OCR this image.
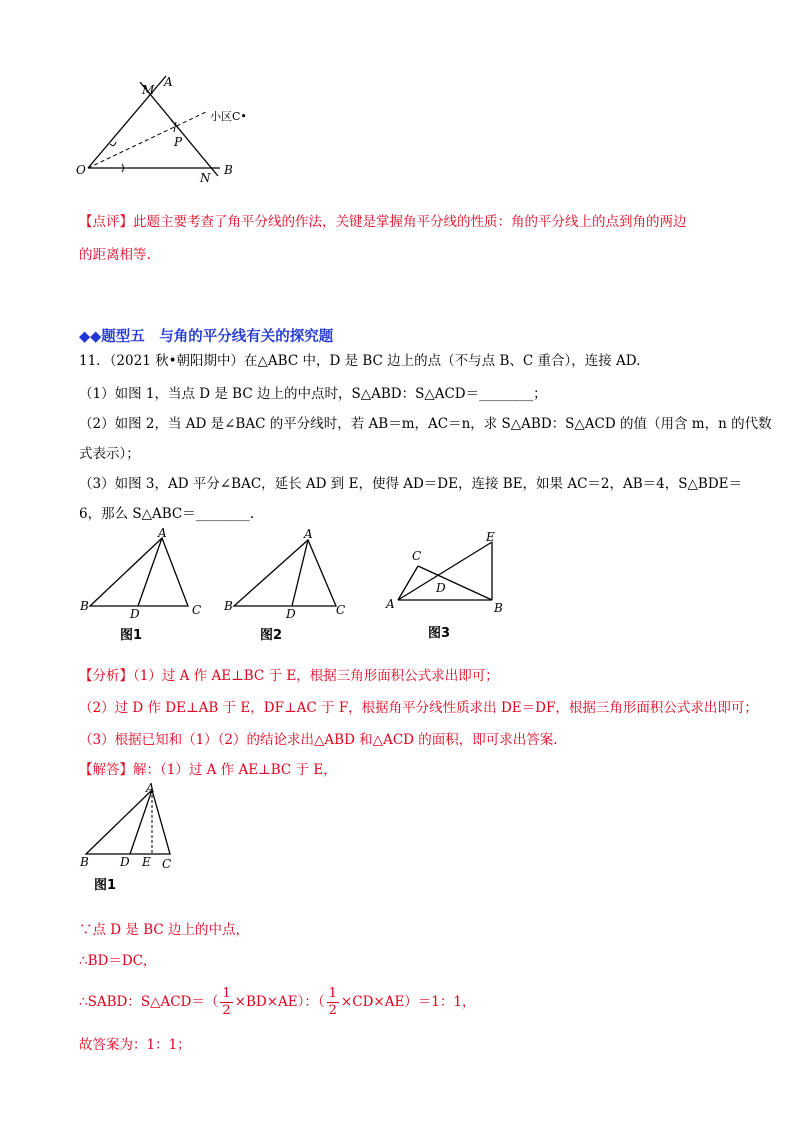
M
A
小区C•
P
O
N
B
【点评】此题主要考查了角平分线的作法，关键是掌握角平分线的性质：角的平分线上的点到角的两边
的距离相等.
◆◆题型五　与角的平分线有关的探究题
11．（2021 秋•朝阳期中）在△ABC 中，D 是 BC 边上的点（不与点 B、C 重合），连接 AD.
（1）如图 1，当点 D 是 BC 边上的中点时，S△ABD：S△ACD＝________；
（2）如图 2，当 AD 是∠BAC 的平分线时，若 AB＝m，AC＝n，求 S△ABD：S△ACD 的值（用含 m，n 的代数
式表示）；
（3）如图 3，AD 平分∠BAC，延长 AD 到 E，使得 AD＝DE，连接 BE，如果 AC＝2，AB＝4，S△BDE＝
6，那么 S△ABC＝________.
A
B
D	C
图1
A
B
D	C
图2
C
E
D
A	B
图3
【分析】（1）过 A 作 AE⊥BC 于 E，根据三角形面积公式求出即可；
（2）过 D 作 DE⊥AB 于 E，DF⊥AC 于 F，根据角平分线性质求出 DE＝DF，根据三角形面积公式求出即可；
（3）根据已知和（1）（2）的结论求出△ABD 和△ACD 的面积，即可求出答案.
【解答】解：（1）过 A 作 AE⊥BC 于 E，
A
B	D E C
图1
∵点 D 是 BC 边上的中点，
∴BD＝DC，
∴SABD：S△ACD＝（ $\frac{1}{2} \times BD\times AE$）：（ $\frac{1}{2} \times CD\times AE)=1$：1，
故答案为：1：1；
